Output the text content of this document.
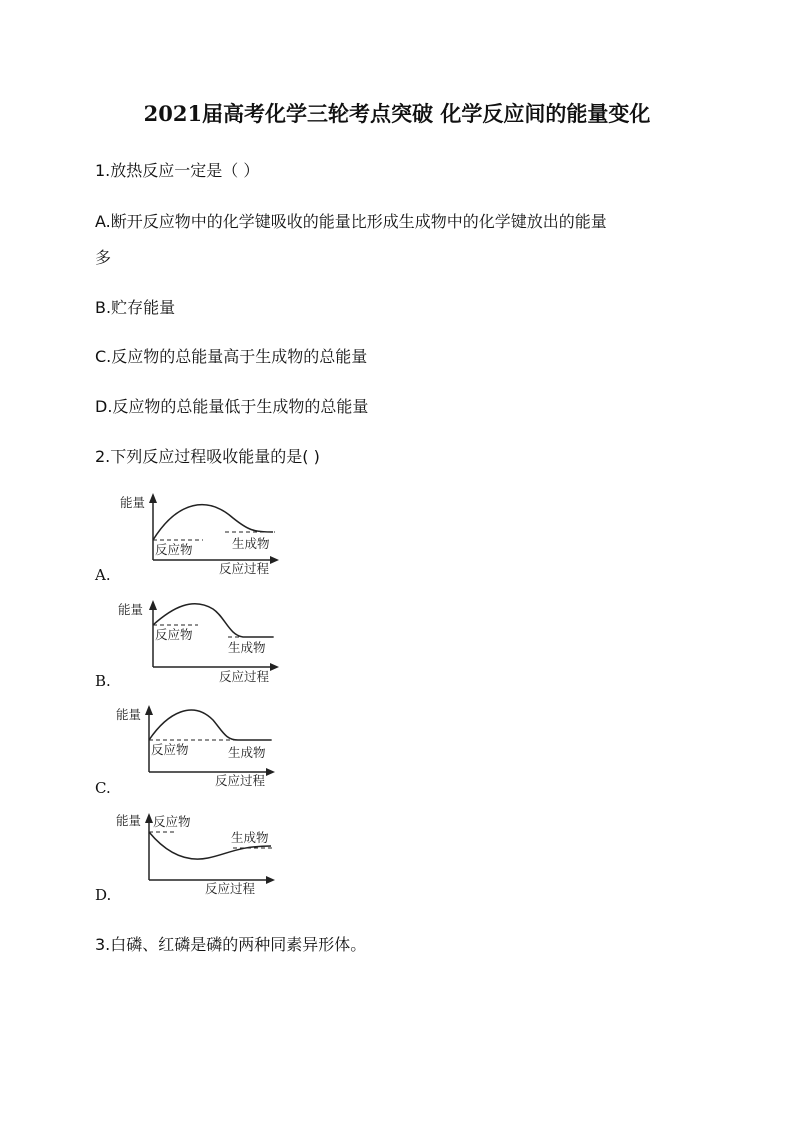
2021届高考化学三轮考点突破 化学反应间的能量变化
1.放热反应一定是（ ）
A.断开反应物中的化学键吸收的能量比形成生成物中的化学键放出的能量
多
B.贮存能量
C.反应物的总能量高于生成物的总能量
D.反应物的总能量低于生成物的总能量
2.下列反应过程吸收能量的是( )
A.
能量
反应物	生成物
反应过程
B.
能量
反应物
生成物
反应过程
C.
能量
反应物	生成物
反应过程
D.
能量 反应物
生成物
反应过程
3.白磷、红磷是磷的两种同素异形体。
